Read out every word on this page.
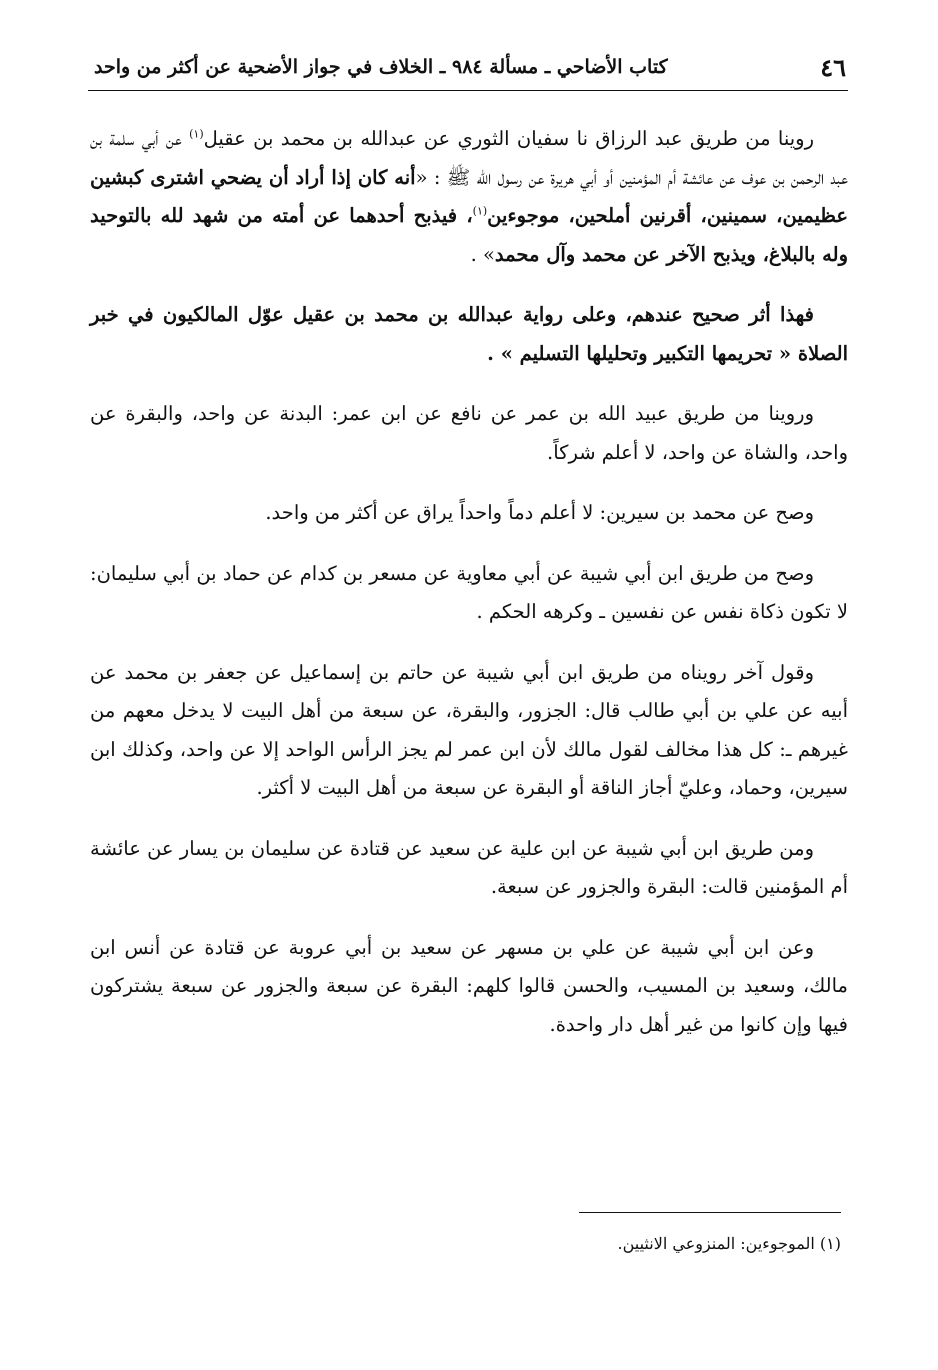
٤٦
كتاب الأضاحي ـ مسألة ٩٨٤ ـ الخلاف في جواز الأضحية عن أكثر من واحد

روينا من طريق عبد الرزاق نا سفيان الثوري عن عبدالله بن محمد بن عقيل$^{(١)}$ عن أبي سلمة بن عبد الرحمن بن عوف عن عائشة أم المؤمنين أو أبي هريرة عن رسول الله ﷺ : «أنه كان إذا أراد أن يضحي اشترى كبشين عظيمين، سمينين، أقرنين أملحين، موجوءين$^{(١)}$، فيذبح أحدهما عن أمته من شهد لله بالتوحيد وله بالبلاغ، ويذبح الآخر عن محمد وآل محمد» .

فهذا أثر صحيح عندهم، وعلى رواية عبدالله بن محمد بن عقيل عوّل المالكيون في خبر الصلاة « تحريمها التكبير وتحليلها التسليم » .

وروينا من طريق عبيد الله بن عمر عن نافع عن ابن عمر: البدنة عن واحد، والبقرة عن واحد، والشاة عن واحد، لا أعلم شركاً.

وصح عن محمد بن سيرين: لا أعلم دماً واحداً يراق عن أكثر من واحد.

وصح من طريق ابن أبي شيبة عن أبي معاوية عن مسعر بن كدام عن حماد بن أبي سليمان: لا تكون ذكاة نفس عن نفسين ـ وكرهه الحكم .

وقول آخر رويناه من طريق ابن أبي شيبة عن حاتم بن إسماعيل عن جعفر بن محمد عن أبيه عن علي بن أبي طالب قال: الجزور، والبقرة، عن سبعة من أهل البيت لا يدخل معهم من غيرهم ـ: كل هذا مخالف لقول مالك لأن ابن عمر لم يجز الرأس الواحد إلا عن واحد، وكذلك ابن سيرين، وحماد، وعليّ أجاز الناقة أو البقرة عن سبعة من أهل البيت لا أكثر.

ومن طريق ابن أبي شيبة عن ابن علية عن سعيد عن قتادة عن سليمان بن يسار عن عائشة أم المؤمنين قالت: البقرة والجزور عن سبعة.

وعن ابن أبي شيبة عن علي بن مسهر عن سعيد بن أبي عروبة عن قتادة عن أنس ابن مالك، وسعيد بن المسيب، والحسن قالوا كلهم: البقرة عن سبعة والجزور عن سبعة يشتركون فيها وإن كانوا من غير أهل دار واحدة.

(١) الموجوءين: المنزوعي الانثيين.
